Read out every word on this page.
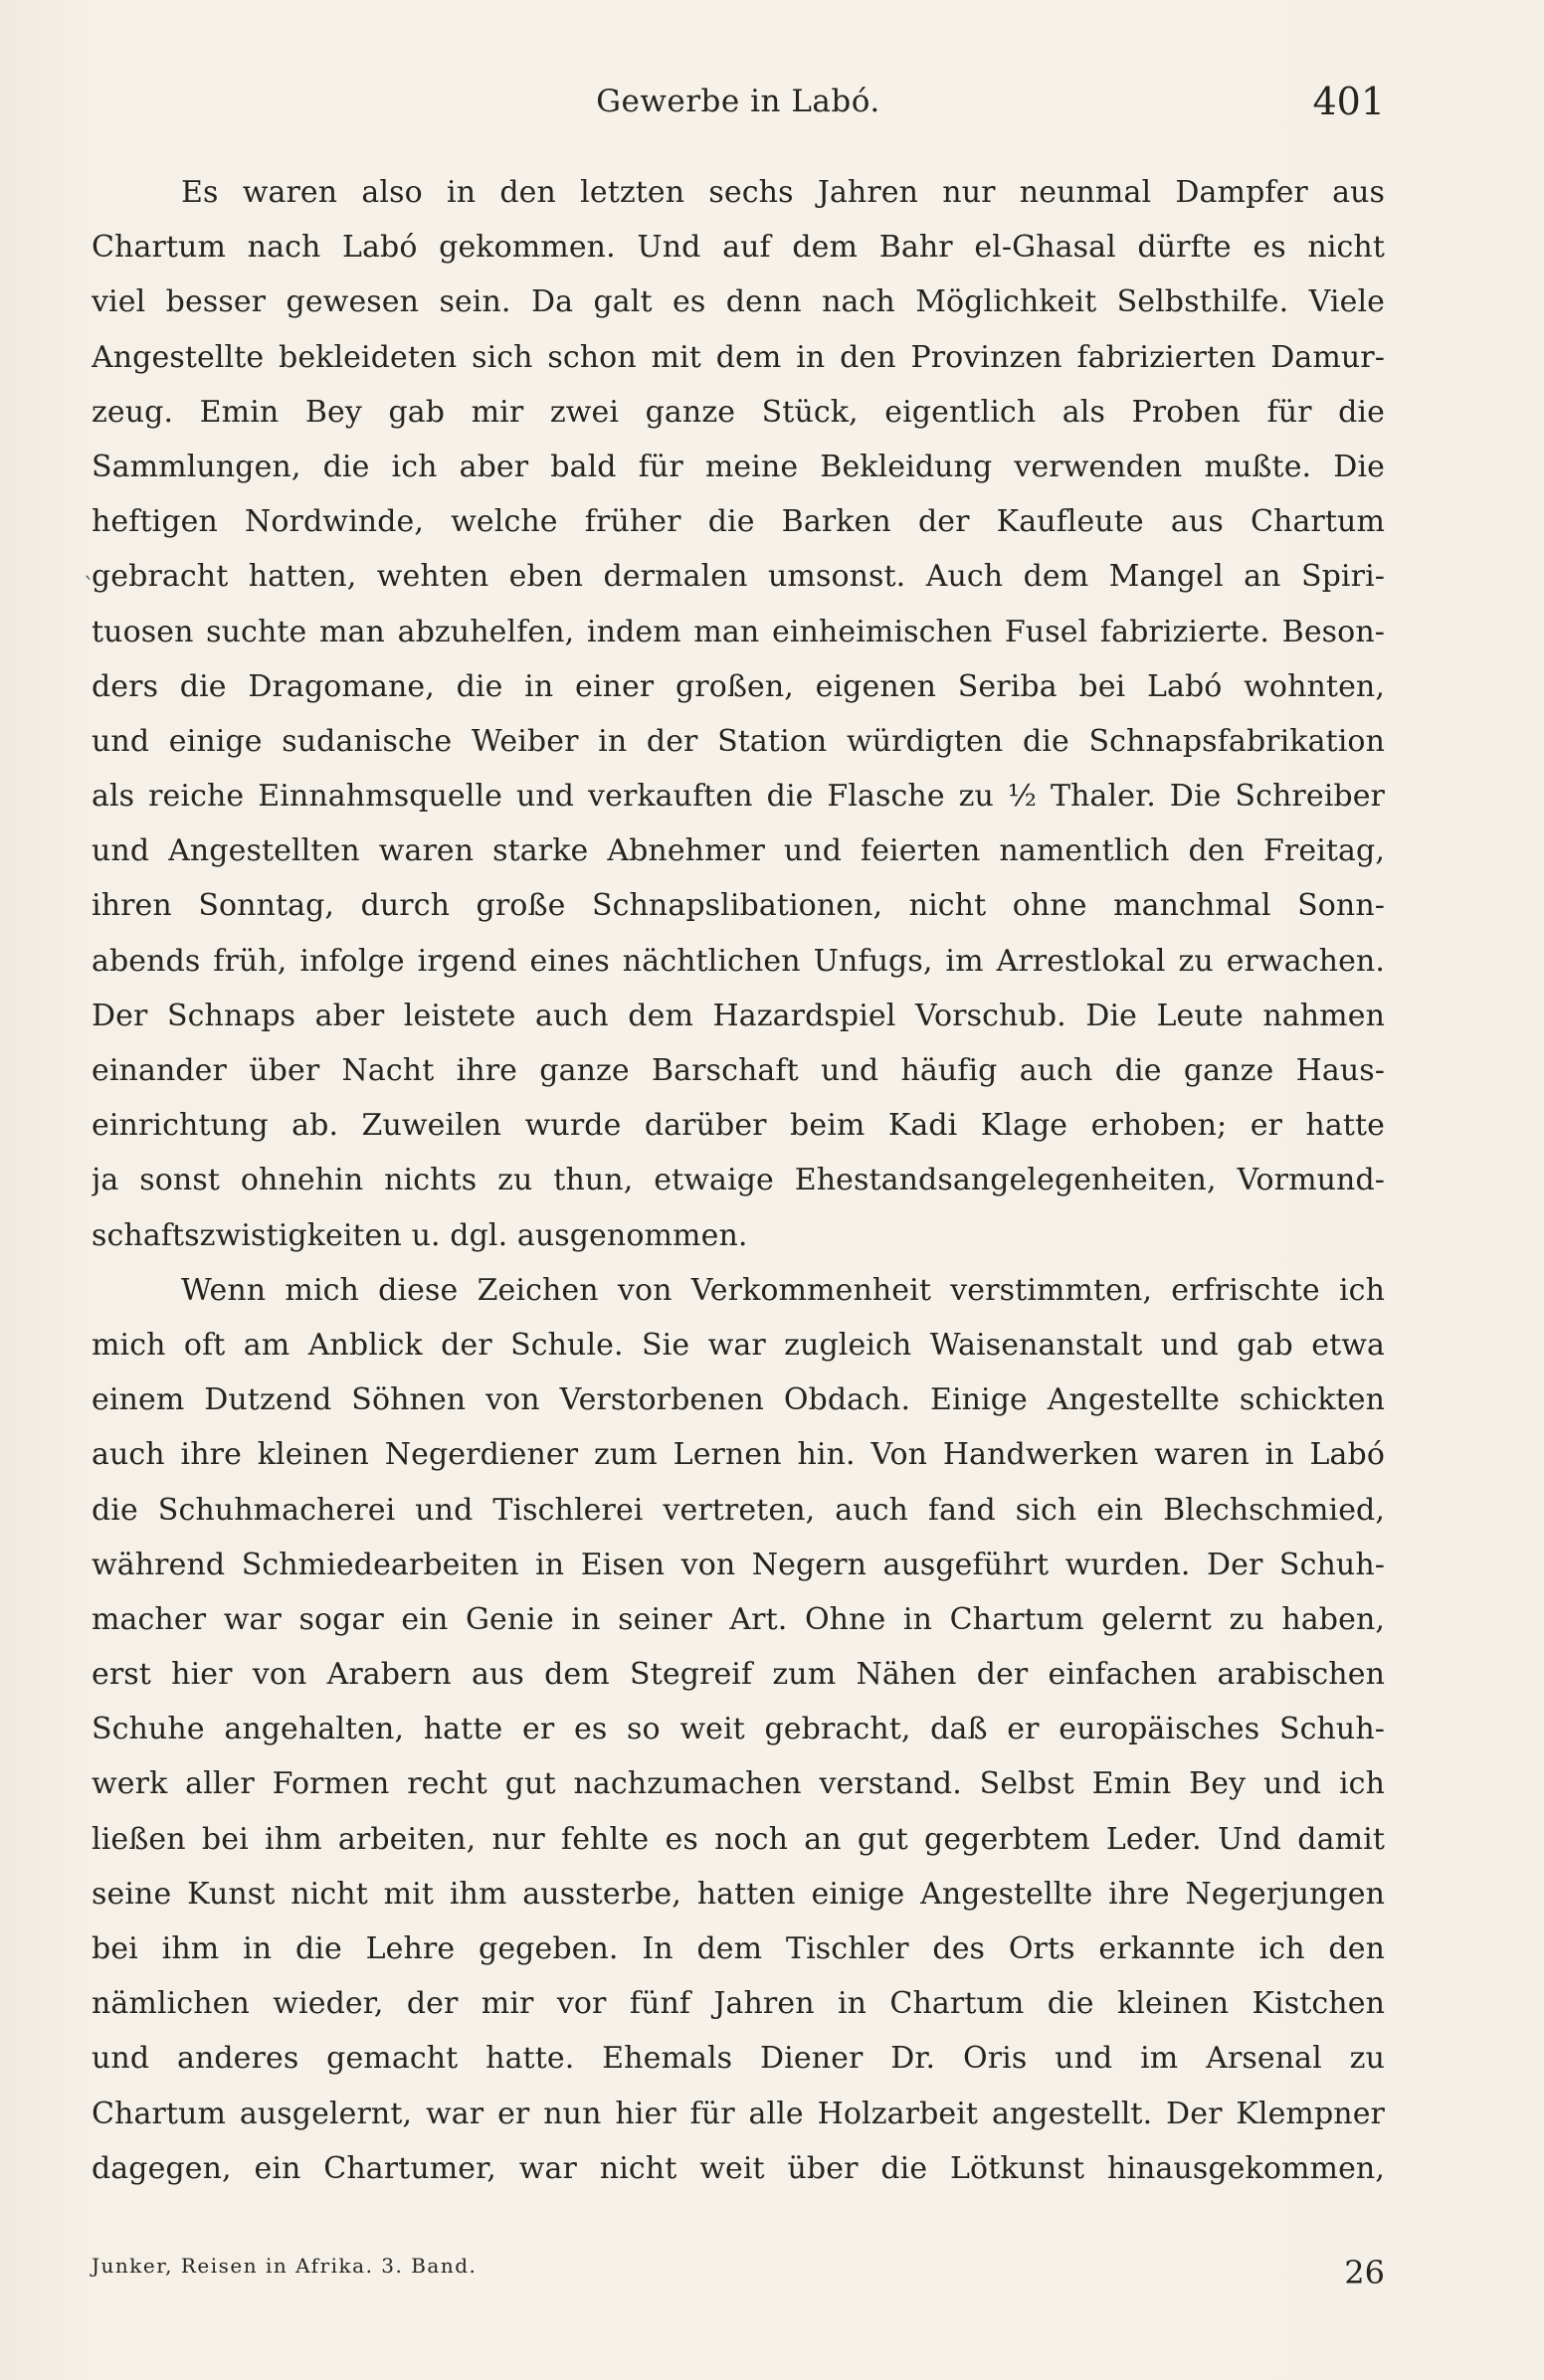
Gewerbe in Labó.	401
ˋ
Es waren also in den letzten sechs Jahren nur neunmal Dampfer aus
Chartum nach Labó gekommen. Und auf dem Bahr el-Ghasal dürfte es nicht
viel besser gewesen sein. Da galt es denn nach Möglichkeit Selbsthilfe. Viele
Angestellte bekleideten sich schon mit dem in den Provinzen fabrizierten Damur-
zeug. Emin Bey gab mir zwei ganze Stück, eigentlich als Proben für die
Sammlungen, die ich aber bald für meine Bekleidung verwenden mußte. Die
heftigen Nordwinde, welche früher die Barken der Kaufleute aus Chartum
gebracht hatten, wehten eben dermalen umsonst. Auch dem Mangel an Spiri-
tuosen suchte man abzuhelfen, indem man einheimischen Fusel fabrizierte. Beson-
ders die Dragomane, die in einer großen, eigenen Seriba bei Labó wohnten,
und einige sudanische Weiber in der Station würdigten die Schnapsfabrikation
als reiche Einnahmsquelle und verkauften die Flasche zu ½ Thaler. Die Schreiber
und Angestellten waren starke Abnehmer und feierten namentlich den Freitag,
ihren Sonntag, durch große Schnapslibationen, nicht ohne manchmal Sonn-
abends früh, infolge irgend eines nächtlichen Unfugs, im Arrestlokal zu erwachen.
Der Schnaps aber leistete auch dem Hazardspiel Vorschub. Die Leute nahmen
einander über Nacht ihre ganze Barschaft und häufig auch die ganze Haus-
einrichtung ab. Zuweilen wurde darüber beim Kadi Klage erhoben; er hatte
ja sonst ohnehin nichts zu thun, etwaige Ehestandsangelegenheiten, Vormund-
schaftszwistigkeiten u. dgl. ausgenommen.
Wenn mich diese Zeichen von Verkommenheit verstimmten, erfrischte ich
mich oft am Anblick der Schule. Sie war zugleich Waisenanstalt und gab etwa
einem Dutzend Söhnen von Verstorbenen Obdach. Einige Angestellte schickten
auch ihre kleinen Negerdiener zum Lernen hin. Von Handwerken waren in Labó
die Schuhmacherei und Tischlerei vertreten, auch fand sich ein Blechschmied,
während Schmiedearbeiten in Eisen von Negern ausgeführt wurden. Der Schuh-
macher war sogar ein Genie in seiner Art. Ohne in Chartum gelernt zu haben,
erst hier von Arabern aus dem Stegreif zum Nähen der einfachen arabischen
Schuhe angehalten, hatte er es so weit gebracht, daß er europäisches Schuh-
werk aller Formen recht gut nachzumachen verstand. Selbst Emin Bey und ich
ließen bei ihm arbeiten, nur fehlte es noch an gut gegerbtem Leder. Und damit
seine Kunst nicht mit ihm aussterbe, hatten einige Angestellte ihre Negerjungen
bei ihm in die Lehre gegeben. In dem Tischler des Orts erkannte ich den
nämlichen wieder, der mir vor fünf Jahren in Chartum die kleinen Kistchen
und anderes gemacht hatte. Ehemals Diener Dr. Oris und im Arsenal zu
Chartum ausgelernt, war er nun hier für alle Holzarbeit angestellt. Der Klempner
dagegen, ein Chartumer, war nicht weit über die Lötkunst hinausgekommen,
Junker, Reisen in Afrika. 3. Band.	26
